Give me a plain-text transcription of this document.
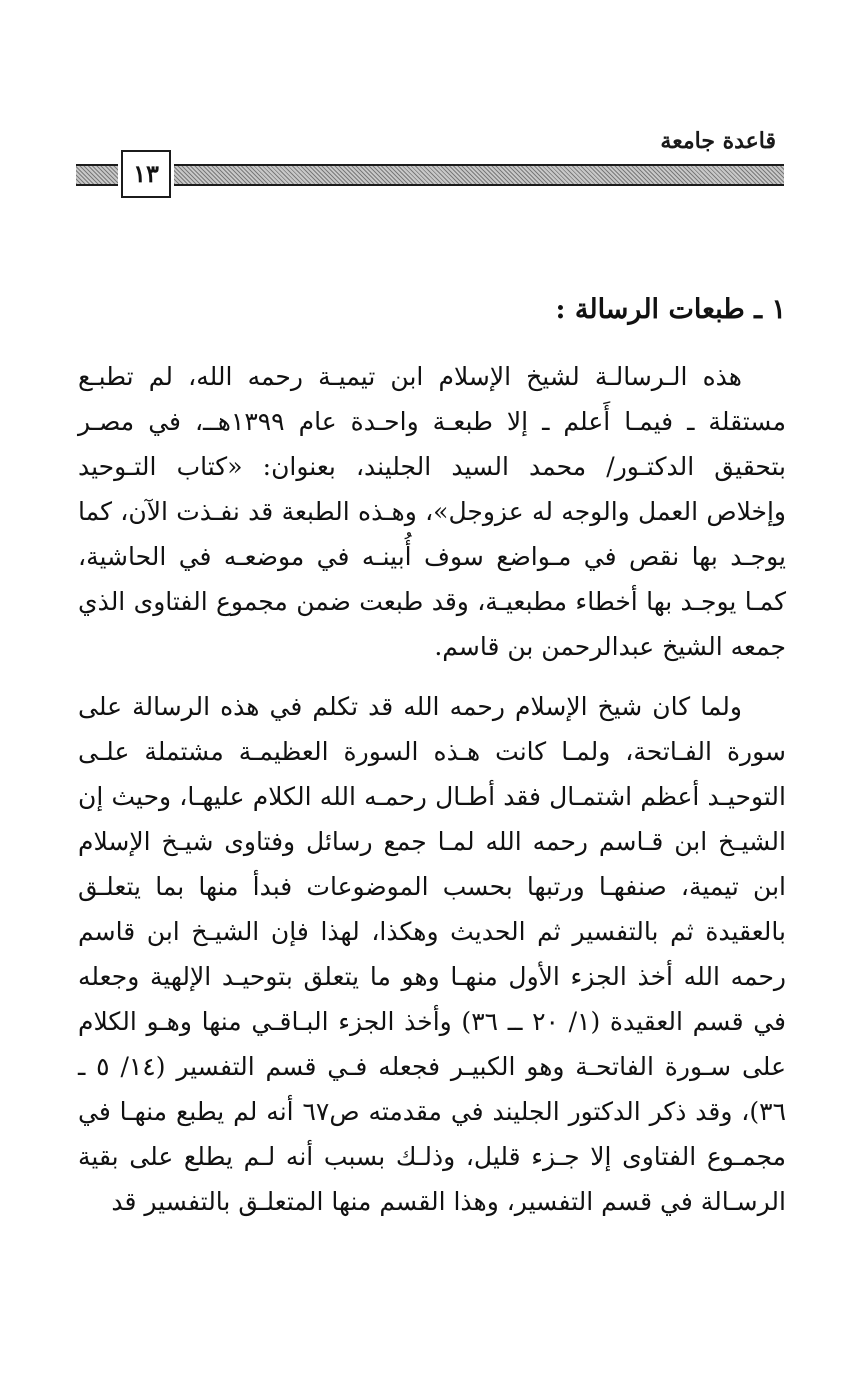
قاعدة جامعة
١٣
١ ـ طبعات الرسالة :

هذه الـرسالـة لشيخ الإسلام ابن تيميـة رحمه الله، لم تطبـع مستقلة ـ فيمـا أَعلم ـ إلا طبعـة واحـدة عام ١٣٩٩هــ، في مصـر بتحقيق الدكتـور/ محمد السيد الجليند، بعنوان: «كتاب التـوحيد وإخلاص العمل والوجه له عزوجل»، وهـذه الطبعة قد نفـذت الآن، كما يوجـد بها نقص في مـواضع سوف أُبينـه في موضعـه في الحاشية، كمـا يوجـد بها أخطاء مطبعيـة، وقد طبعت ضمن مجموع الفتاوى الذي جمعه الشيخ عبدالرحمن بن قاسم.

ولما كان شيخ الإسلام رحمه الله قد تكلم في هذه الرسالة على سورة الفـاتحة، ولمـا كانت هـذه السورة العظيمـة مشتملة علـى التوحيـد أعظم اشتمـال فقد أطـال رحمـه الله الكلام عليهـا، وحيث إن الشيـخ ابن قـاسم رحمه الله لمـا جمع رسائل وفتاوى شيـخ الإسلام ابن تيمية، صنفهـا ورتبها بحسب الموضوعات فبدأ منها بما يتعلـق بالعقيدة ثم بالتفسير ثم الحديث وهكذا، لهذا فإن الشيـخ ابن قاسم رحمه الله أخذ الجزء الأول منهـا وهو ما يتعلق بتوحيـد الإلهية وجعله في قسم العقيدة (١/ ٢٠ ــ ٣٦) وأخذ الجزء البـاقـي منها وهـو الكلام على سـورة الفاتحـة وهو الكبيـر فجعله فـي قسم التفسير (١٤/ ٥ ـ ٣٦)، وقد ذكر الدكتور الجليند في مقدمته ص٦٧ أنه لم يطبع منهـا في مجمـوع الفتاوى إلا جـزء قليل، وذلـك بسبب أنه لـم يطلع على بقية الرسـالة في قسم التفسير، وهذا القسم منها المتعلـق بالتفسير قد
